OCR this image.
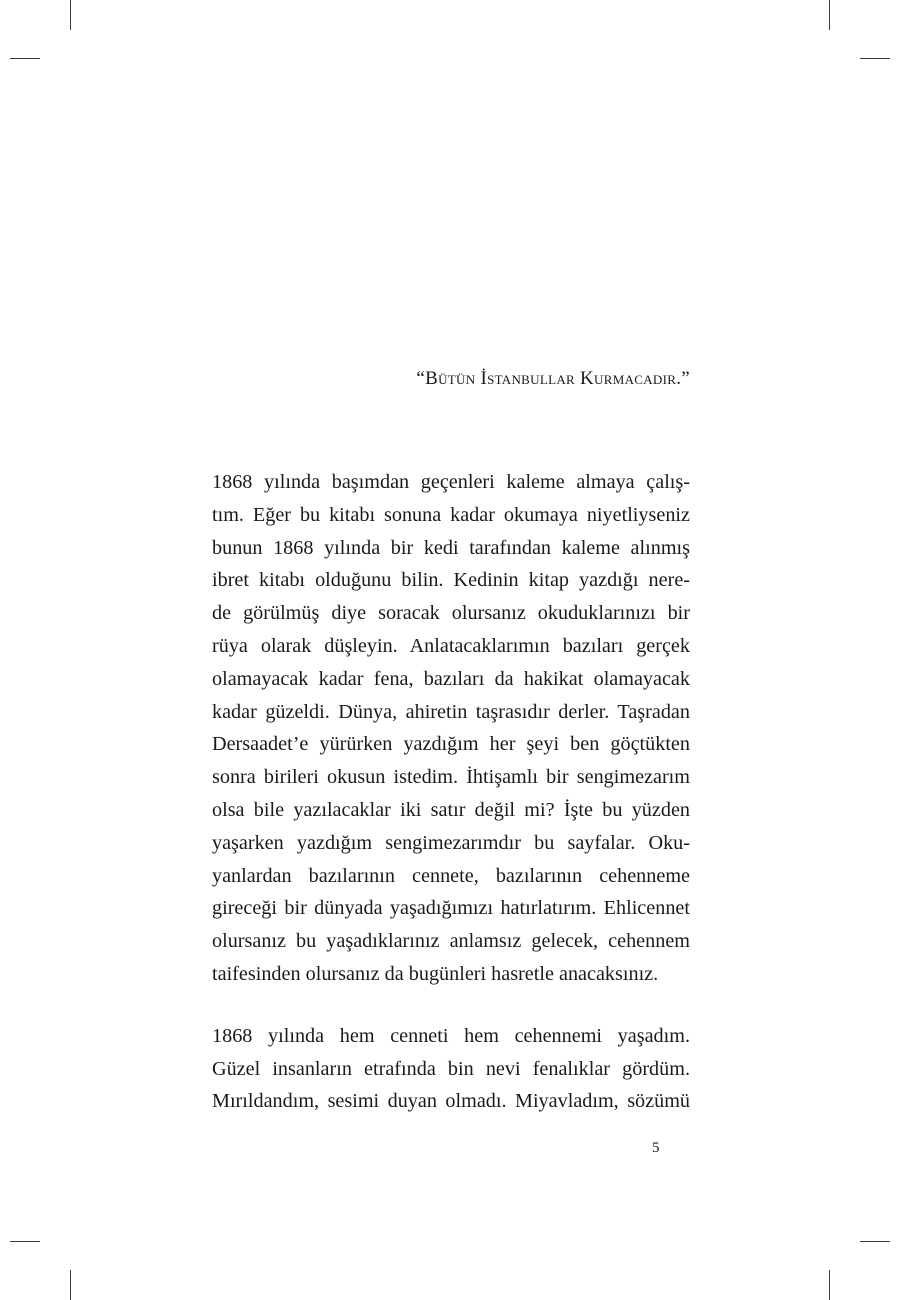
“Bütün İstanbullar Kurmacadır.”
1868 yılında başımdan geçenleri kaleme almaya çalış-
tım. Eğer bu kitabı sonuna kadar okumaya niyetliyseniz
bunun 1868 yılında bir kedi tarafından kaleme alınmış
ibret kitabı olduğunu bilin. Kedinin kitap yazdığı nere-
de görülmüş diye soracak olursanız okuduklarınızı bir
rüya olarak düşleyin. Anlatacaklarımın bazıları gerçek
olamayacak kadar fena, bazıları da hakikat olamayacak
kadar güzeldi. Dünya, ahiretin taşrasıdır derler. Taşradan
Dersaadet’e yürürken yazdığım her şeyi ben göçtükten
sonra birileri okusun istedim. İhtişamlı bir sengimezarım
olsa bile yazılacaklar iki satır değil mi? İşte bu yüzden
yaşarken yazdığım sengimezarımdır bu sayfalar. Oku-
yanlardan bazılarının cennete, bazılarının cehenneme
gireceği bir dünyada yaşadığımızı hatırlatırım. Ehlicennet
olursanız bu yaşadıklarınız anlamsız gelecek, cehennem
taifesinden olursanız da bugünleri hasretle anacaksınız.
1868 yılında hem cenneti hem cehennemi yaşadım.
Güzel insanların etrafında bin nevi fenalıklar gördüm.
Mırıldandım, sesimi duyan olmadı. Miyavladım, sözümü
5
